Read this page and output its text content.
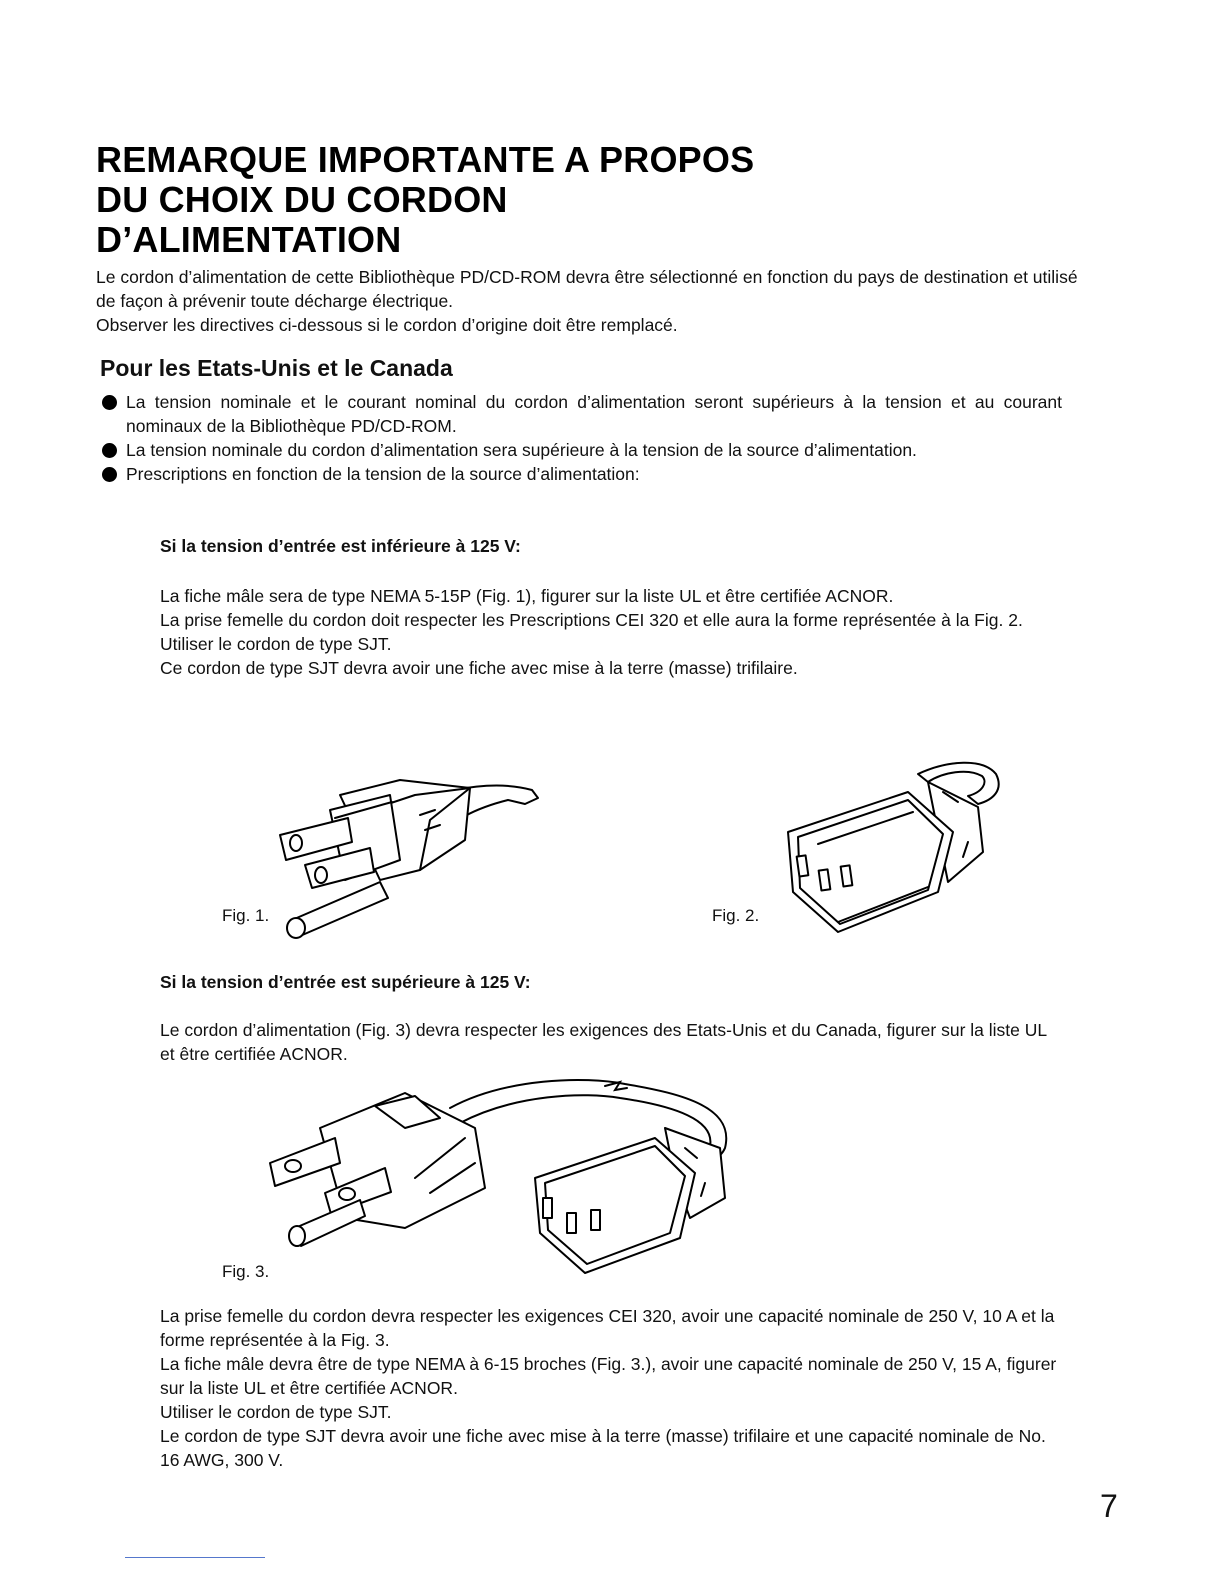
REMARQUE IMPORTANTE A PROPOS
DU CHOIX DU CORDON
D’ALIMENTATION

Le cordon d’alimentation de cette Bibliothèque PD/CD-ROM devra être sélectionné en fonction du pays de destination et utilisé de façon à prévenir toute décharge électrique.

Observer les directives ci-dessous si le cordon d’origine doit être remplacé.

Pour les Etats-Unis et le Canada

La tension nominale et le courant nominal du cordon d’alimentation seront supérieurs à la tension et au courant nominaux de la Bibliothèque PD/CD-ROM.

La tension nominale du cordon d’alimentation sera supérieure à la tension de la source d’alimentation.

Prescriptions en fonction de la tension de la source d’alimentation:

Si la tension d’entrée est inférieure à 125 V:

La fiche mâle sera de type NEMA 5-15P (Fig. 1), figurer sur la liste UL et être certifiée ACNOR.

La prise femelle du cordon doit respecter les Prescriptions CEI 320 et elle aura la forme représentée à la Fig. 2.

Utiliser le cordon de type SJT.

Ce cordon de type SJT devra avoir une fiche avec mise à la terre (masse) trifilaire.

Fig. 1.	Fig. 2.
Si la tension d’entrée est supérieure à 125 V:

Le cordon d’alimentation (Fig. 3) devra respecter les exigences des Etats-Unis et du Canada, figurer sur la liste UL et être certifiée ACNOR.

Fig. 3.

La prise femelle du cordon devra respecter les exigences CEI 320, avoir une capacité nominale de 250 V, 10 A et la forme représentée à la Fig. 3.

La fiche mâle devra être de type NEMA à 6-15 broches (Fig. 3.), avoir une capacité nominale de 250 V, 15 A, figurer sur la liste UL et être certifiée ACNOR.

Utiliser le cordon de type SJT.

Le cordon de type SJT devra avoir une fiche avec mise à la terre (masse) trifilaire et une capacité nominale de No. 16 AWG, 300 V.

7
